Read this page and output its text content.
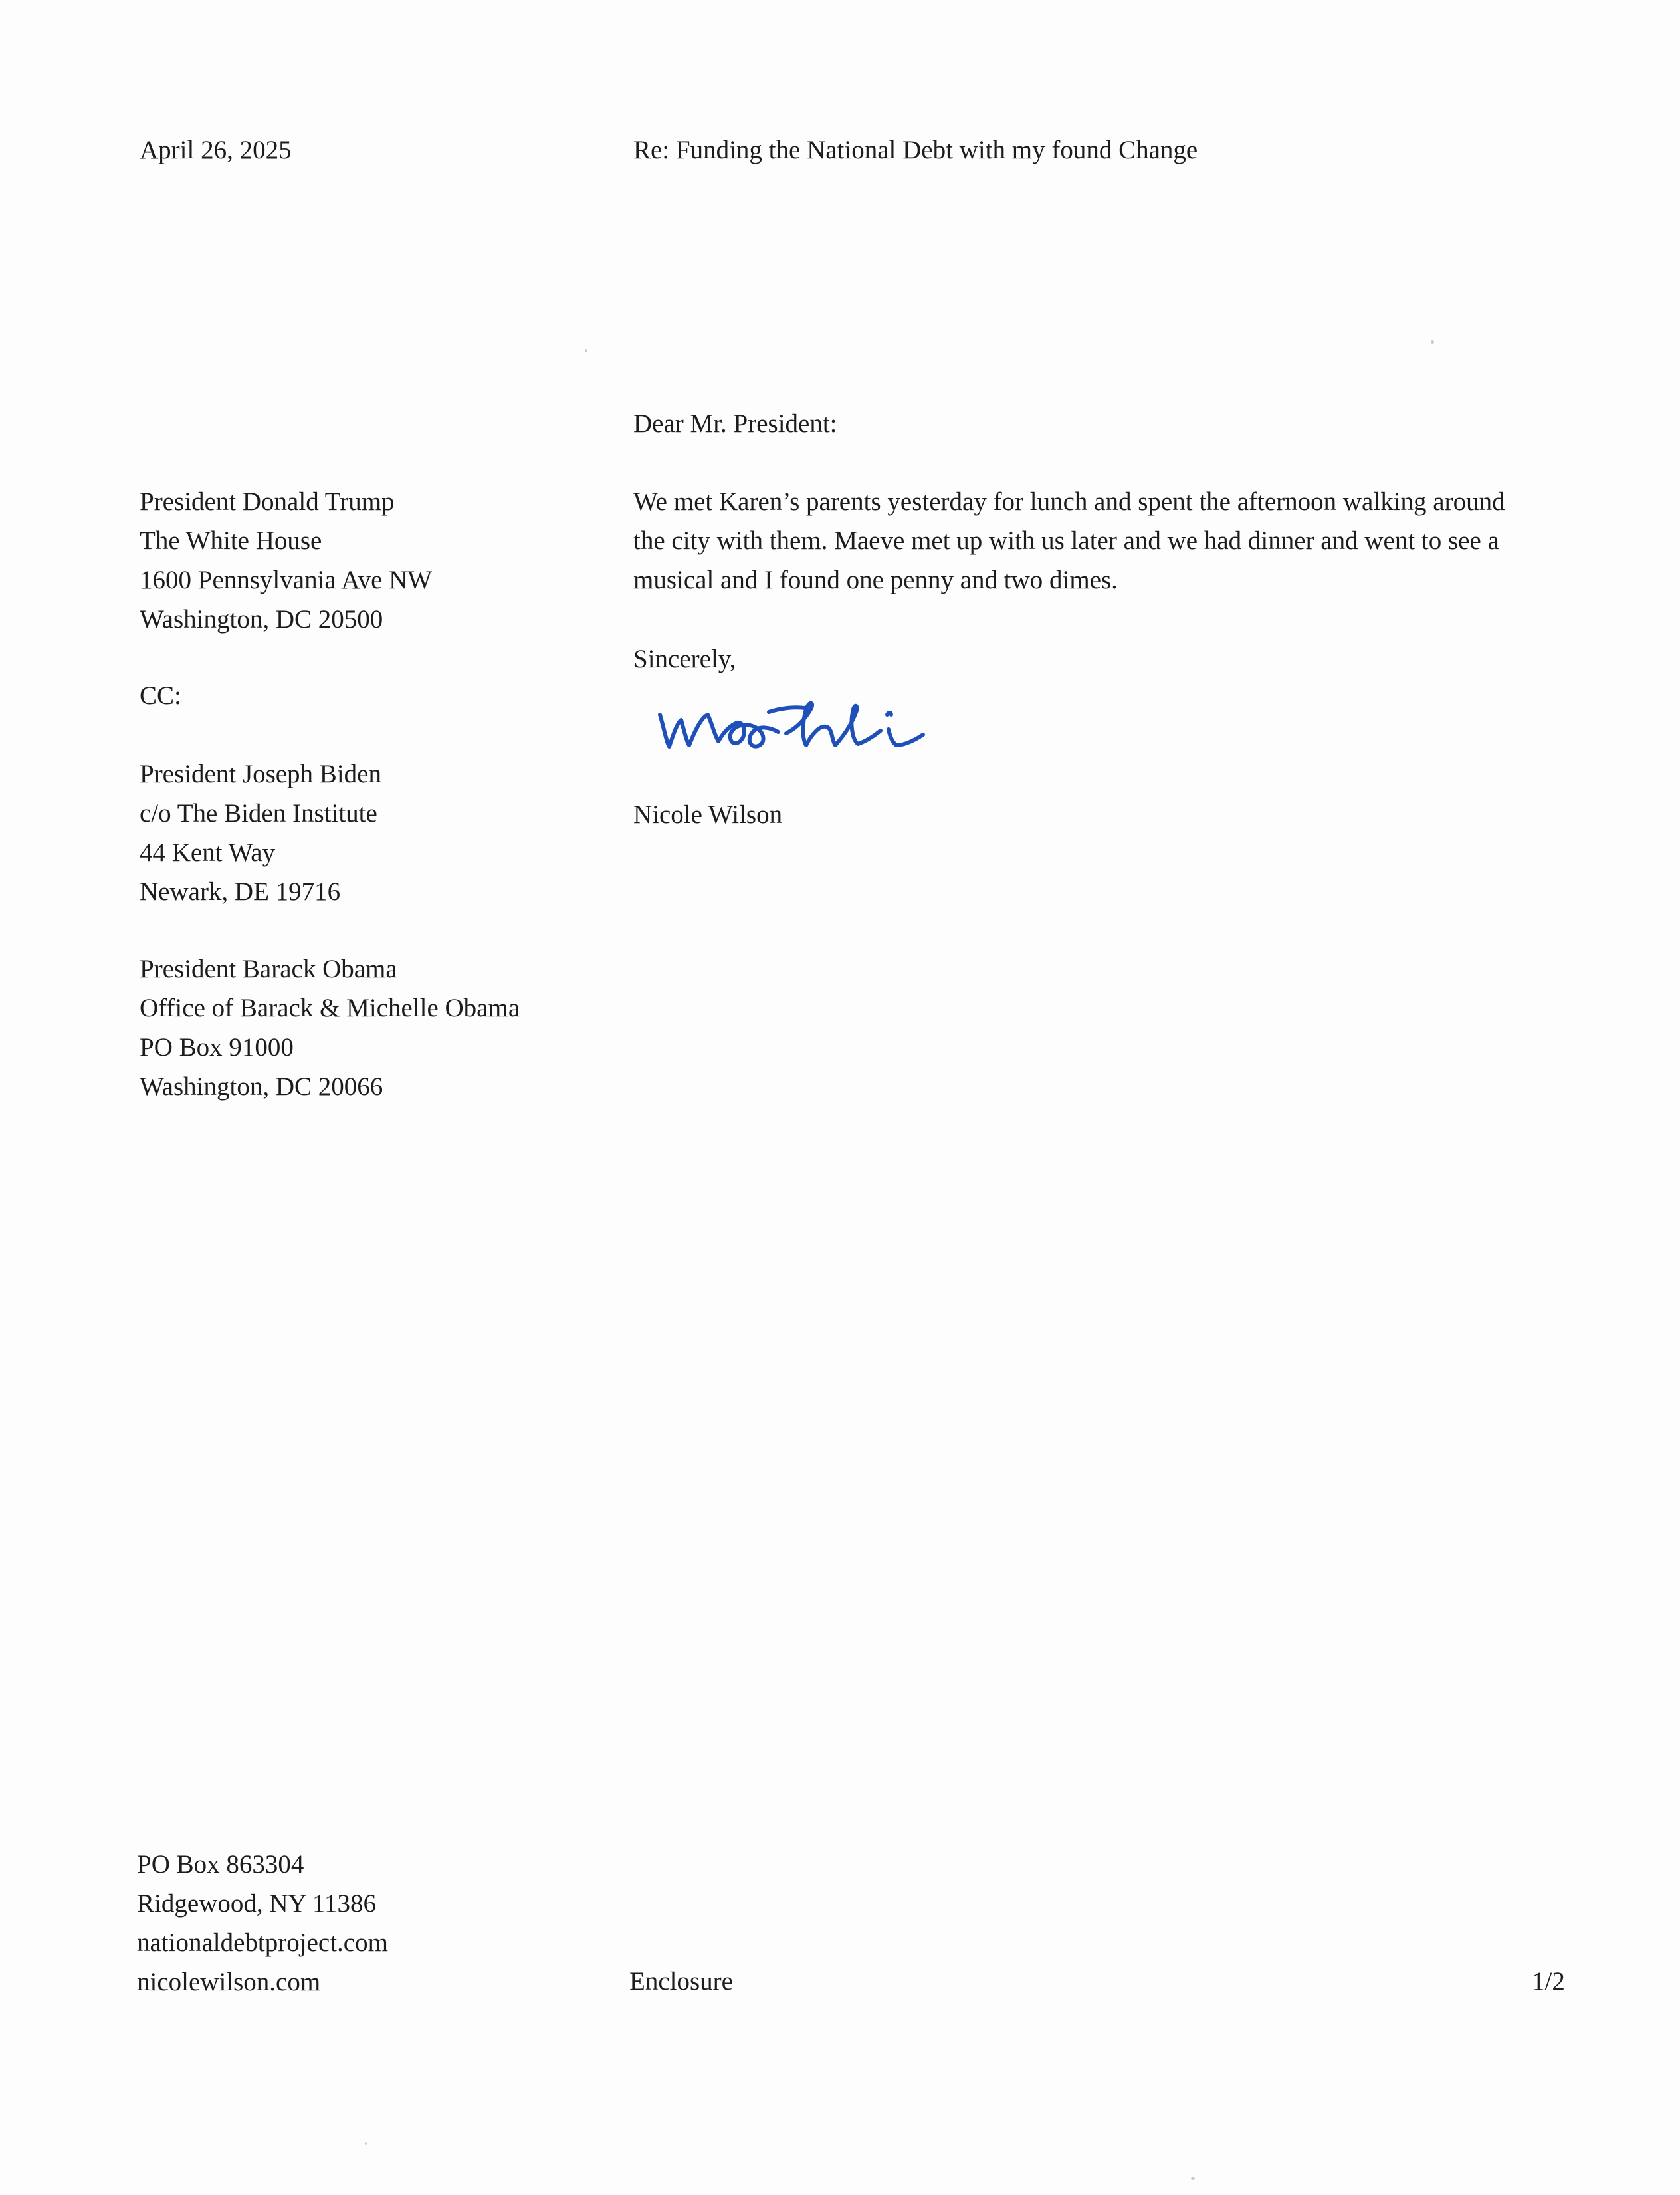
April 26, 2025	Re: Funding the National Debt with my found Change
Dear Mr. President:
President Donald Trump
The White House
1600 Pennsylvania Ave NW
Washington, DC 20500
CC:
President Joseph Biden
c/o The Biden Institute
44 Kent Way
Newark, DE 19716
President Barack Obama
Office of Barack & Michelle Obama
PO Box 91000
Washington, DC 20066
We met Karen’s parents yesterday for lunch and spent the afternoon walking around
the city with them. Maeve met up with us later and we had dinner and went to see a
musical and I found one penny and two dimes.
Sincerely,
Nicole Wilson
PO Box 863304
Ridgewood, NY 11386
nationaldebtproject.com
nicolewilson.com	Enclosure	1/2
